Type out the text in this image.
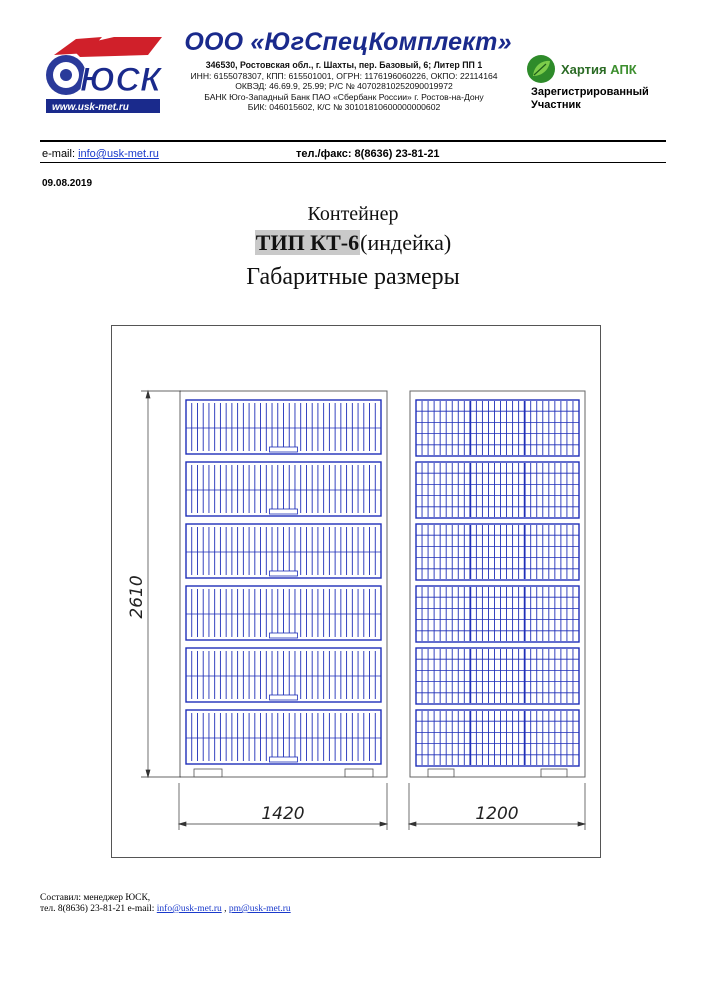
ЮСК
www.usk-met.ru
ООО «ЮгСпецКомплект»
346530, Ростовская обл., г. Шахты, пер. Базовый, 6; Литер ПП 1
ИНН: 6155078307, КПП: 615501001, ОГРН: 1176196060226, ОКПО: 22114164
ОКВЭД: 46.69.9, 25.99; Р/С № 40702810252090019972
БАНК Юго-Западный Банк ПАО «Сбербанк России» г. Ростов-на-Дону
БИК: 046015602, К/С № 30101810600000000602
Хартия АПК
Зарегистрированный Участник
e-mail: info@usk-met.ru	тел./факс: 8(8636) 23-81-21
09.08.2019
Контейнер
ТИП КТ-6(индейка)
Габаритные размеры
2610
1420	1200
Составил: менеджер ЮСК,
тел. 8(8636) 23-81-21 e-mail: info@usk-met.ru , pm@usk-met.ru
